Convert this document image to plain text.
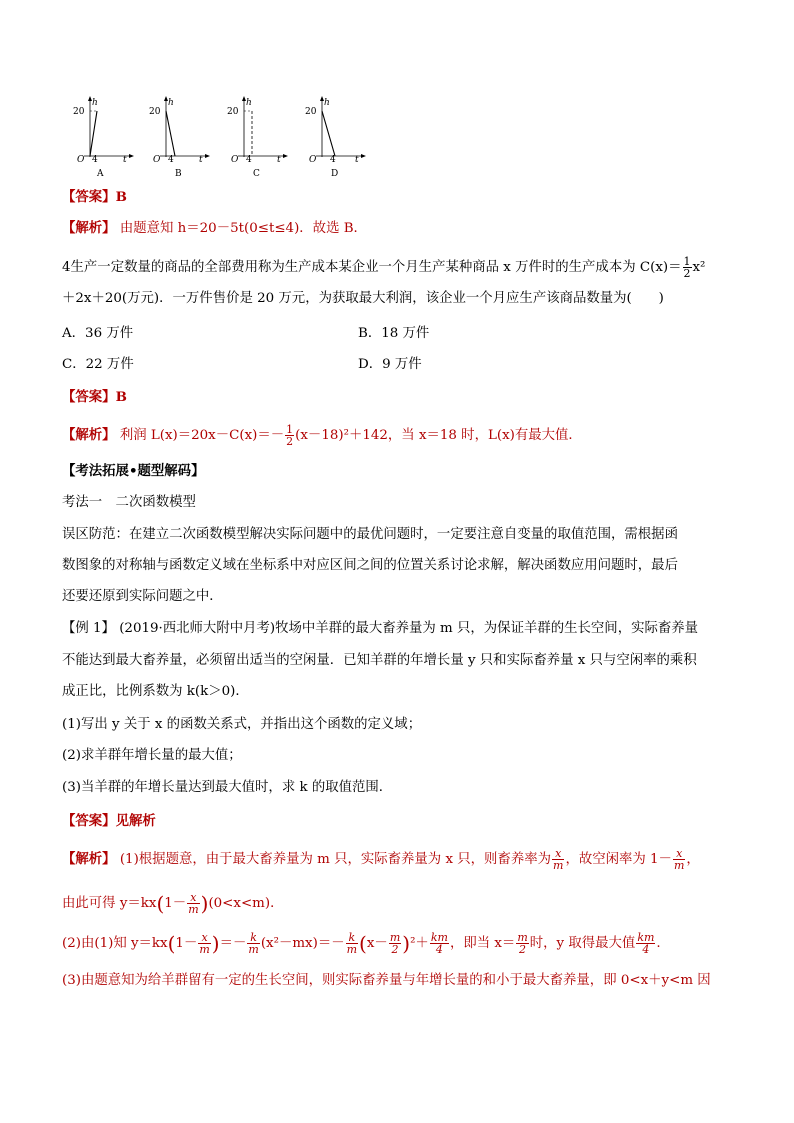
h
20
O 4	t
A
h
20
O 4	t
B
h
20
O 4	t
C
h
20
O 4 t
D
【答案】B
【解析】 由题意知 h＝20－5t(0≤t≤4)．故选 B．
4生产一定数量的商品的全部费用称为生产成本某企业一个月生产某种商品 x 万件时的生产成本为 $C(x)= \frac{1}{2} x^2$
＋2x＋20(万元)．一万件售价是 20 万元，为获取最大利润，该企业一个月应生产该商品数量为(　　)
A．36 万件	B．18 万件
C．22 万件	D．9 万件
【答案】B
【解析】 利润 $L(x)=20x-C(x)=- \frac{1}{2} (x-18)^2+142$，当 x＝18 时，L(x)有最大值．
【考法拓展•题型解码】
考法一　二次函数模型
误区防范：在建立二次函数模型解决实际问题中的最优问题时，一定要注意自变量的取值范围，需根据函
数图象的对称轴与函数定义域在坐标系中对应区间之间的位置关系讨论求解，解决函数应用问题时，最后
还要还原到实际问题之中．
【例 1】 (2019·西北师大附中月考)牧场中羊群的最大畜养量为 m 只，为保证羊群的生长空间，实际畜养量
不能达到最大畜养量，必须留出适当的空闲量．已知羊群的年增长量 y 只和实际畜养量 x 只与空闲率的乘积
成正比，比例系数为 k(k＞0)．
(1)写出 y 关于 x 的函数关系式，并指出这个函数的定义域；
(2)求羊群年增长量的最大值；
(3)当羊群的年增长量达到最大值时，求 k 的取值范围．
【答案】见解析
【解析】 (1)根据题意，由于最大畜养量为 m 只，实际畜养量为 x 只，则畜养率为 $\frac{x}{m}$ ，故空闲率为 $1- \frac{x}{m}$ ，
由此可得 $y=kx(1- \frac{x}{m} )(0<x<m)$．
(2)由(1)知 $y=kx(1- \frac{x}{m}$ )＝－ $\frac{k}{m} (x^2-mx)=- \frac{k}{m} (x- \frac{m}{2} )^2+ \frac{km}{4}$ ，即当 $x= \frac{m}{2}$ 时，y 取得最大值 $\frac{km}{4}$ .
(3)由题意知为给羊群留有一定的生长空间，则实际畜养量与年增长量的和小于最大畜养量，即 0<x＋y<m 因
